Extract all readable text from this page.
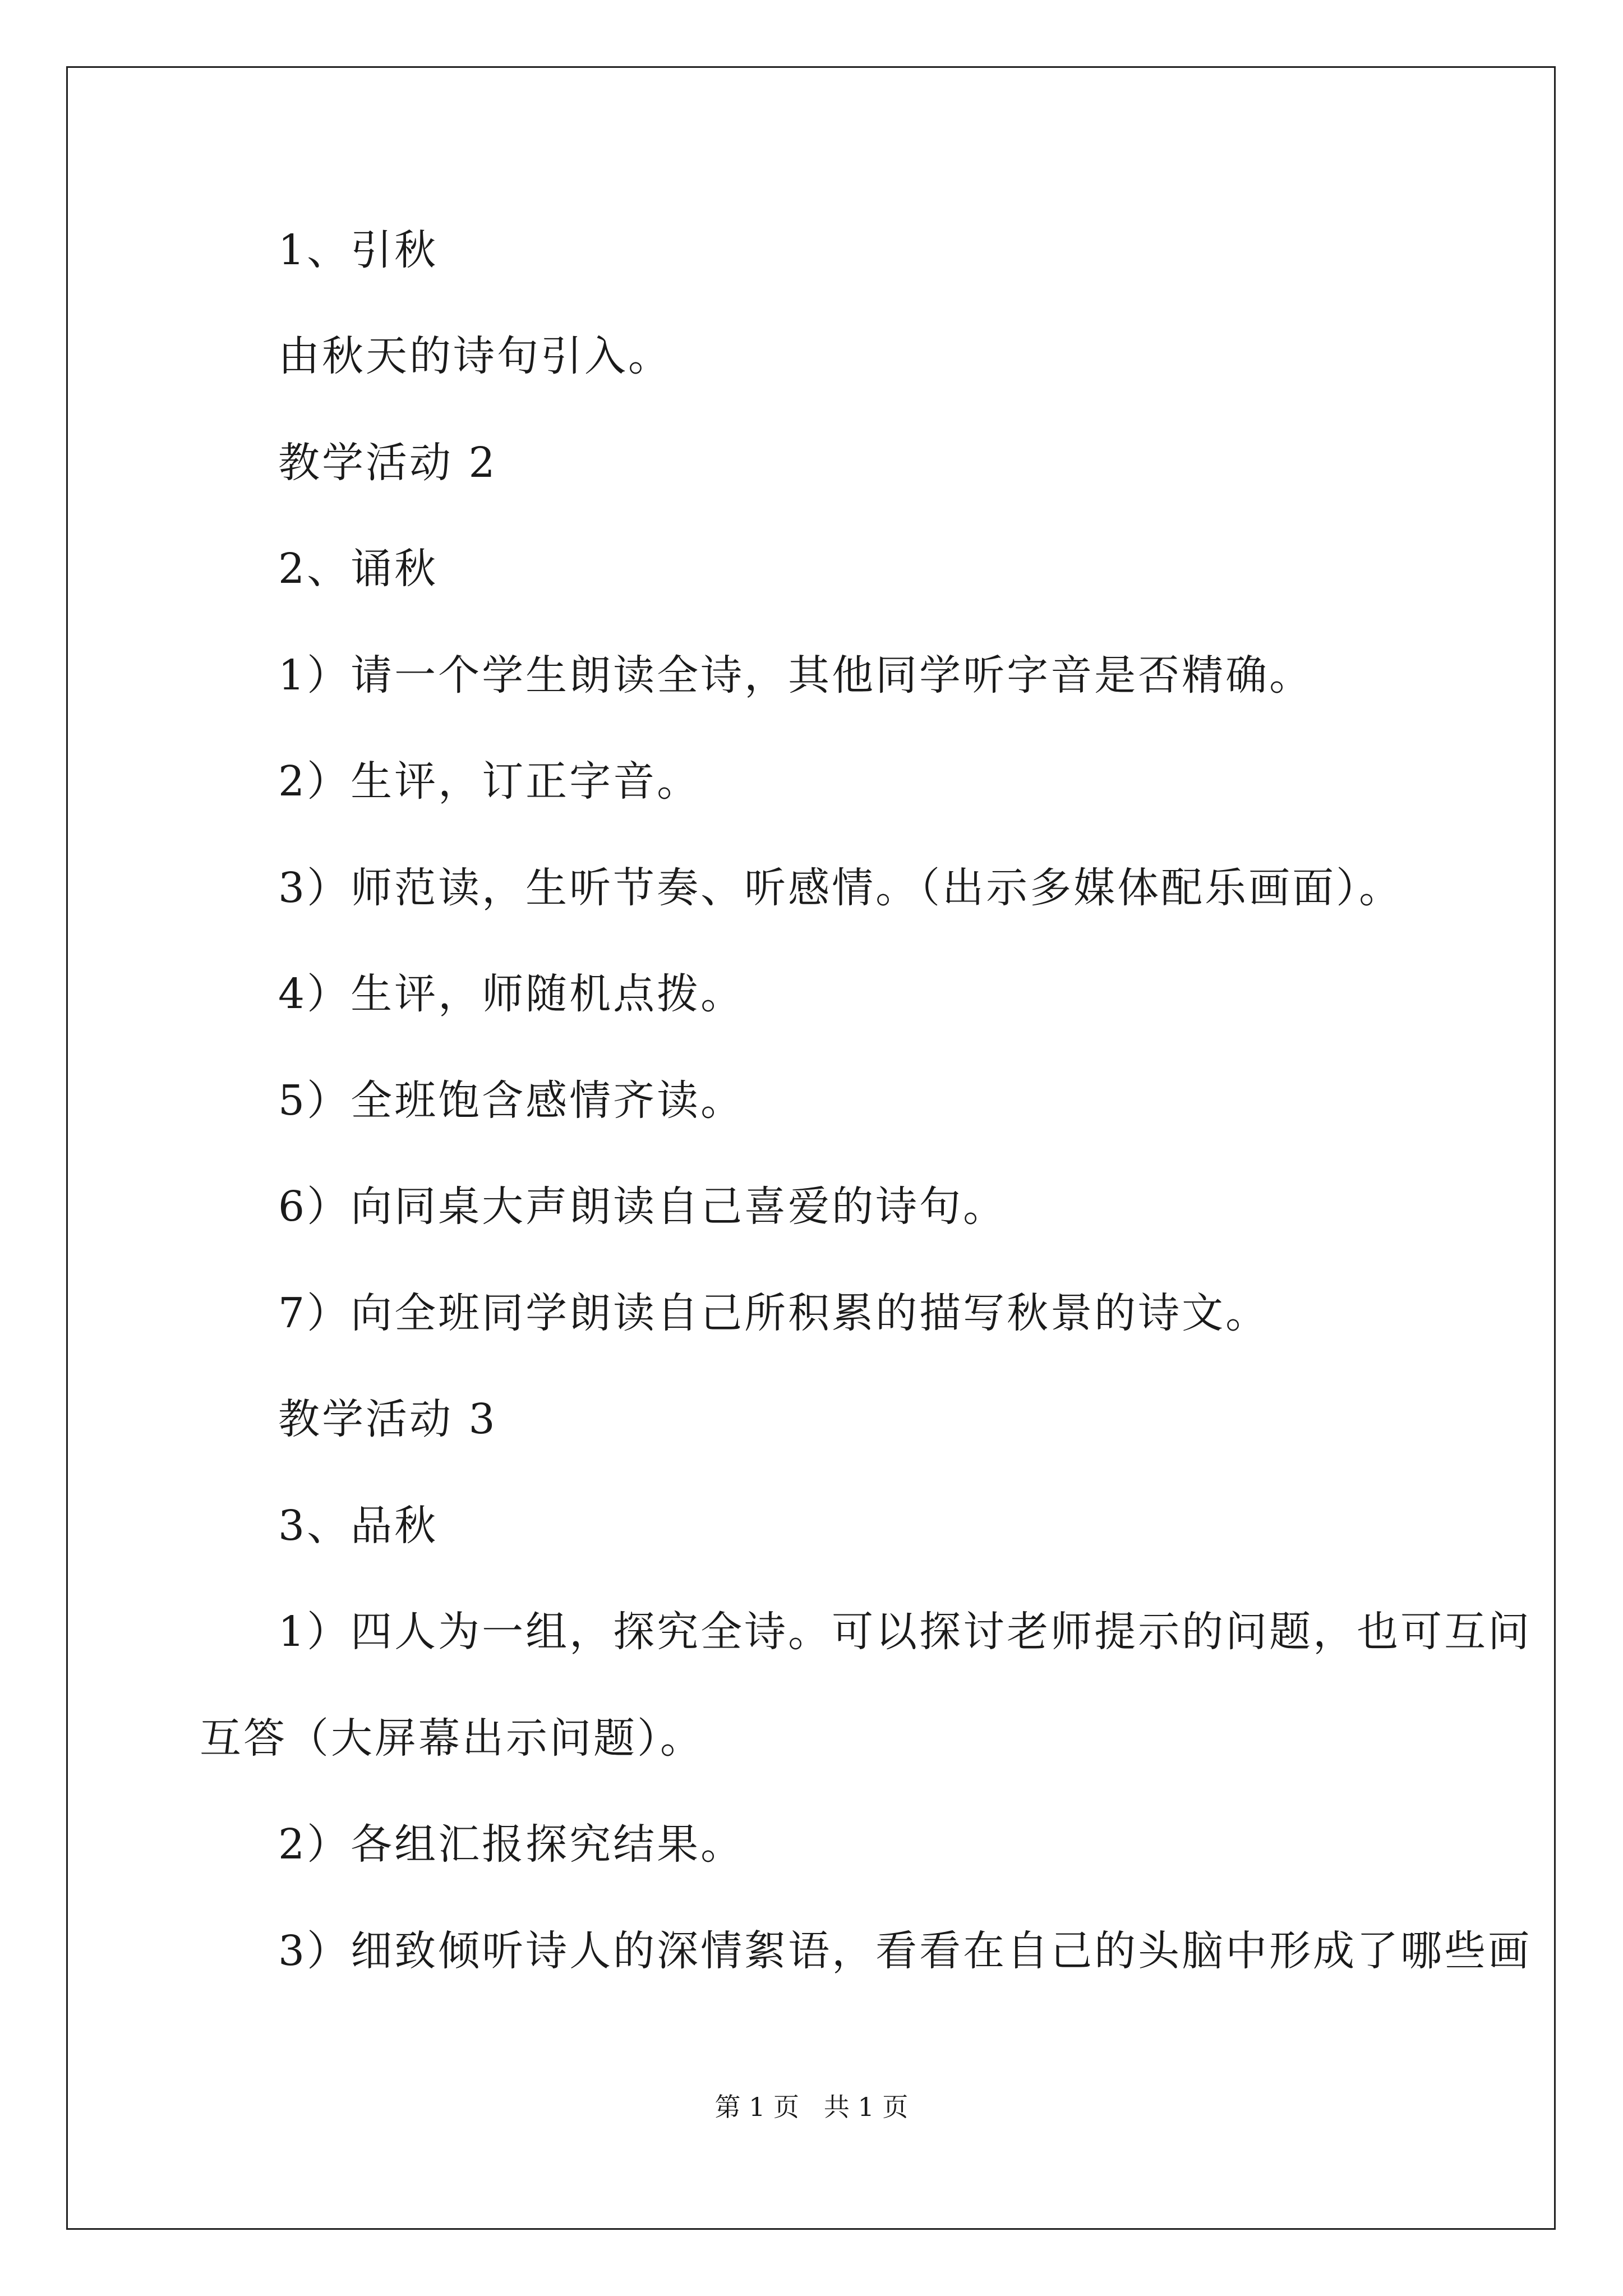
1、引秋
由秋天的诗句引入。
教学活动 2
2、诵秋
1）请一个学生朗读全诗，其他同学听字音是否精确。
2）生评，订正字音。
3）师范读，生听节奏、听感情。（出示多媒体配乐画面）。
4）生评，师随机点拨。
5）全班饱含感情齐读。
6）向同桌大声朗读自己喜爱的诗句。
7）向全班同学朗读自己所积累的描写秋景的诗文。
教学活动 3
3、品秋
1）四人为一组，探究全诗。可以探讨老师提示的问题，也可互问
互答（大屏幕出示问题）。
2）各组汇报探究结果。
3）细致倾听诗人的深情絮语，看看在自己的头脑中形成了哪些画
第 1 页   共 1 页
